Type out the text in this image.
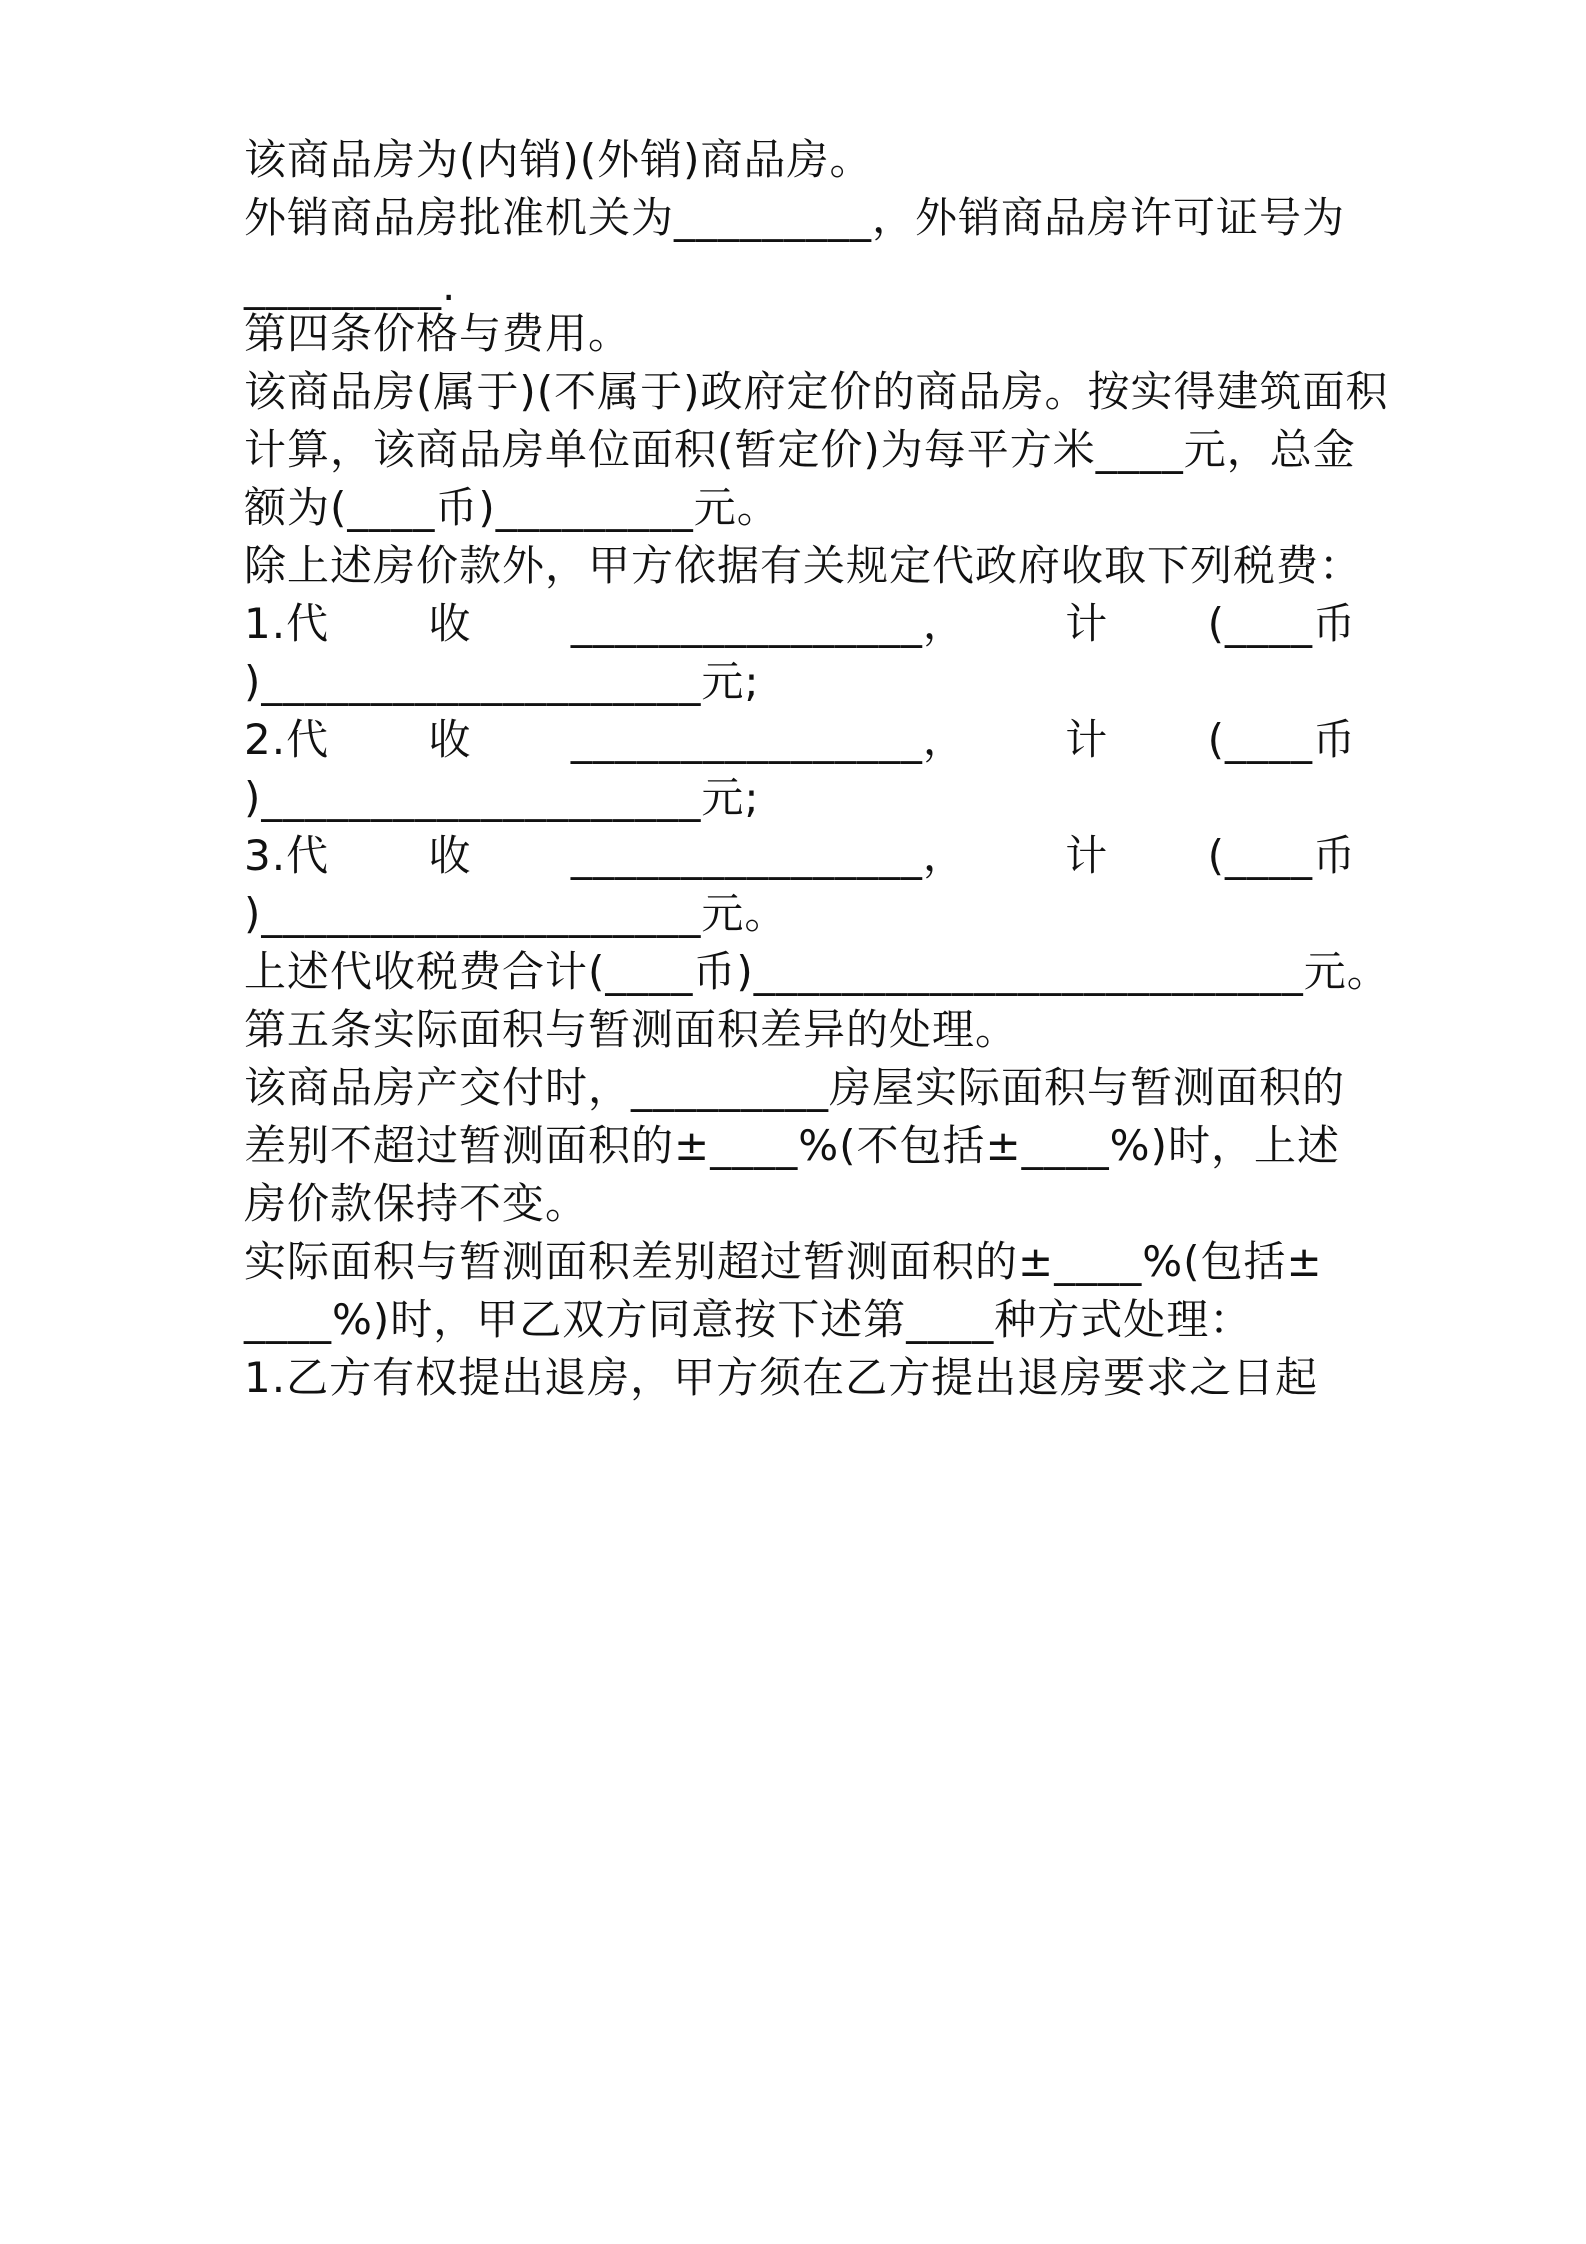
该商品房为(内销)(外销)商品房。
外销商品房批准机关为_________，外销商品房许可证号为
_________.
第四条价格与费用。
该商品房(属于)(不属于)政府定价的商品房。按实得建筑面积
计算，该商品房单位面积(暂定价)为每平方米____元，总金
额为(____币)_________元。
除上述房价款外，甲方依据有关规定代政府收取下列税费：
1.代 收 ________________， 计 (____币
)____________________元;
2.代 收 ________________， 计 (____币
)____________________元;
3.代 收 ________________， 计 (____币
)____________________元。
上述代收税费合计(____币)_________________________元。
第五条实际面积与暂测面积差异的处理。
该商品房产交付时，_________房屋实际面积与暂测面积的
差别不超过暂测面积的±____%(不包括±____%)时，上述
房价款保持不变。
实际面积与暂测面积差别超过暂测面积的±____%(包括±
____%)时，甲乙双方同意按下述第____种方式处理：
1.乙方有权提出退房，甲方须在乙方提出退房要求之日起
